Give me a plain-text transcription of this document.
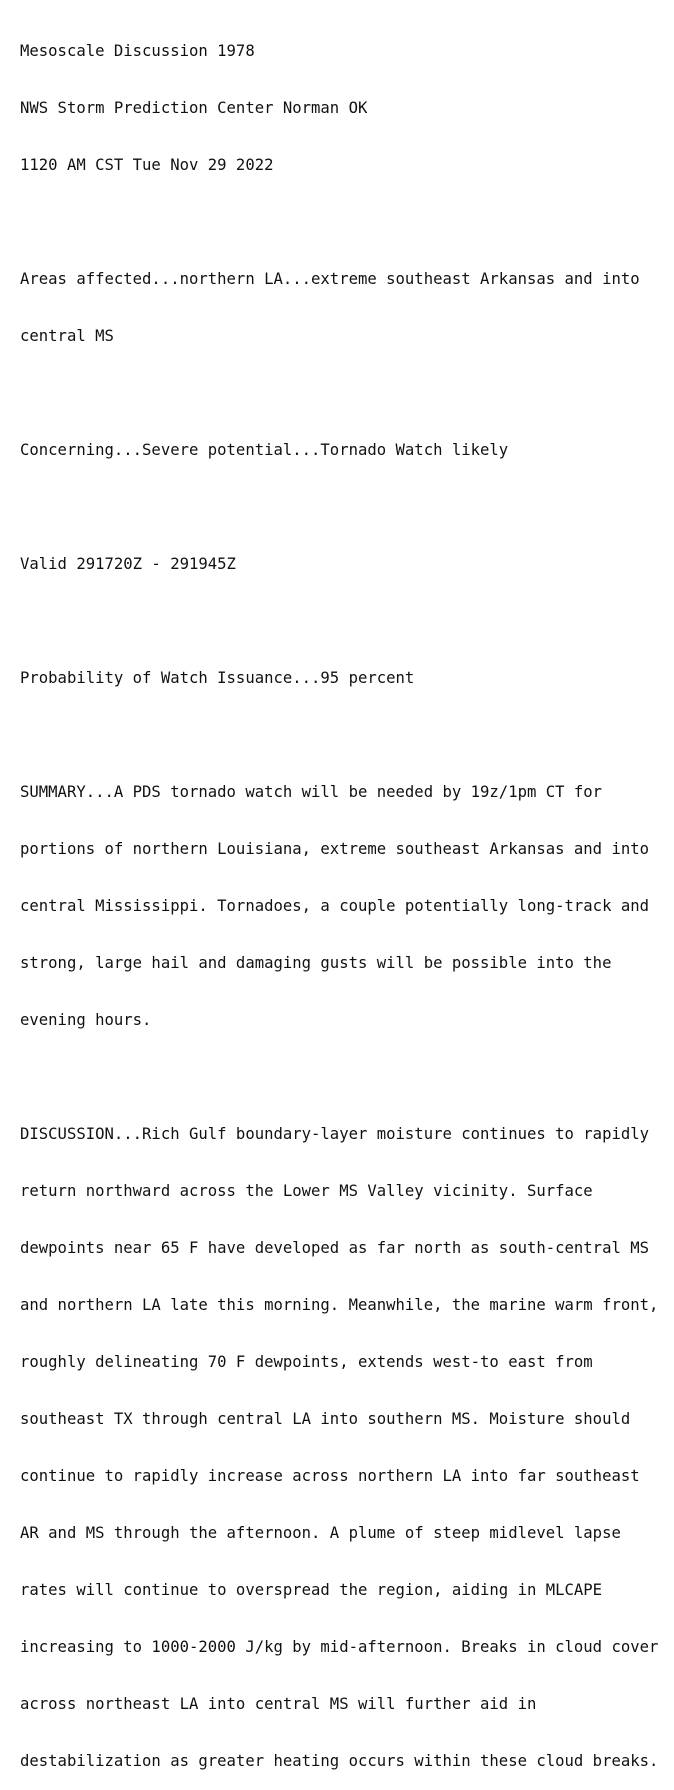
Mesoscale Discussion 1978

NWS Storm Prediction Center Norman OK

1120 AM CST Tue Nov 29 2022

Areas affected...northern LA...extreme southeast Arkansas and into

central MS

Concerning...Severe potential...Tornado Watch likely

Valid 291720Z - 291945Z

Probability of Watch Issuance...95 percent

SUMMARY...A PDS tornado watch will be needed by 19z/1pm CT for

portions of northern Louisiana, extreme southeast Arkansas and into

central Mississippi. Tornadoes, a couple potentially long-track and

strong, large hail and damaging gusts will be possible into the

evening hours.

DISCUSSION...Rich Gulf boundary-layer moisture continues to rapidly

return northward across the Lower MS Valley vicinity. Surface

dewpoints near 65 F have developed as far north as south-central MS

and northern LA late this morning. Meanwhile, the marine warm front,

roughly delineating 70 F dewpoints, extends west-to east from

southeast TX through central LA into southern MS. Moisture should

continue to rapidly increase across northern LA into far southeast

AR and MS through the afternoon. A plume of steep midlevel lapse

rates will continue to overspread the region, aiding in MLCAPE

increasing to 1000-2000 J/kg by mid-afternoon. Breaks in cloud cover

across northeast LA into central MS will further aid in

destabilization as greater heating occurs within these cloud breaks.
